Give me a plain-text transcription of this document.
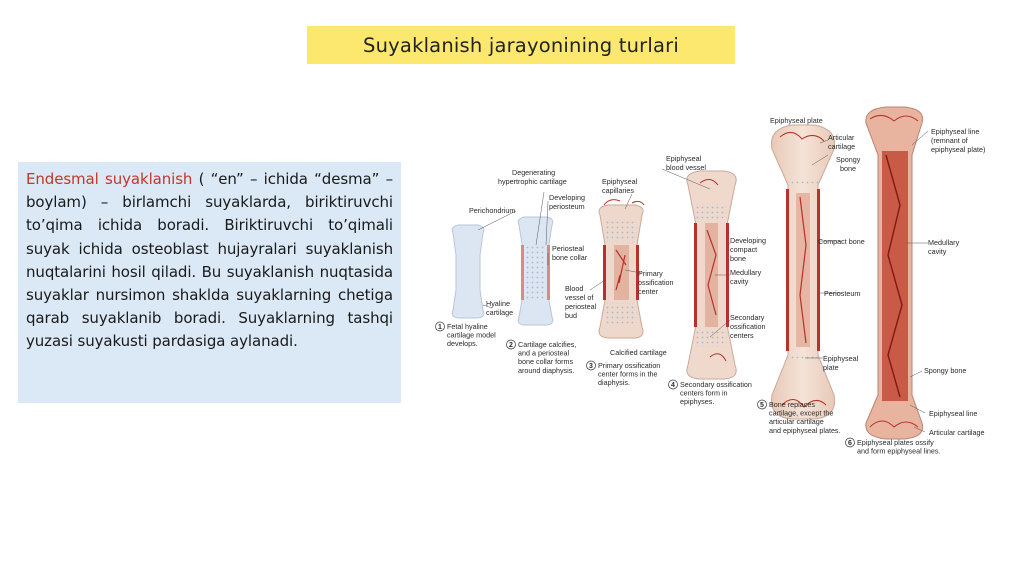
Suyaklanish jarayonining turlari

Endesmal suyaklanish ( “en” – ichida “desma” – boylam) – birlamchi suyaklarda, biriktiruvchi to’qima ichida boradi. Biriktiruvchi to’qimali suyak ichida osteoblast hujayralari suyaklanish nuqtalarini hosil qiladi. Bu suyaklanish nuqtasida suyaklar nursimon shaklda suyaklarning chetiga qarab suyaklanib boradi. Suyaklarning tashqi yuzasi suyakusti pardasiga aylanadi.

Perichondrium
Hyaline
cartilage
Degenerating
hypertrophic cartilage
Developing
periosteum
Periosteal
bone collar
Blood
vessel of
periosteal
bud
Epiphyseal
capillaries
Primary
ossification
center
Calcified cartilage
Epiphyseal
blood vessel
Developing
compact
bone
Medullary
cavity
Secondary
ossification
centers
Epiphyseal plate
Articular
cartilage
Spongy
bone
Compact bone
Periosteum
Epiphyseal
plate
Epiphyseal line
(remnant of
epiphyseal plate)
Medullary
cavity
Spongy bone
Epiphyseal line
Articular cartilage
1 Fetal hyaline
cartilage model
develops.	2 Cartilage calcifies,
and a periosteal
bone collar forms
around diaphysis. 3 Primary ossification
center forms in the
diaphysis.	4 Secondary ossification
centers form in
epiphyses.	5 Bone replaces
cartilage, except the
articular cartilage
and epiphyseal plates.
6 Epiphyseal plates ossify
and form epiphyseal lines.
